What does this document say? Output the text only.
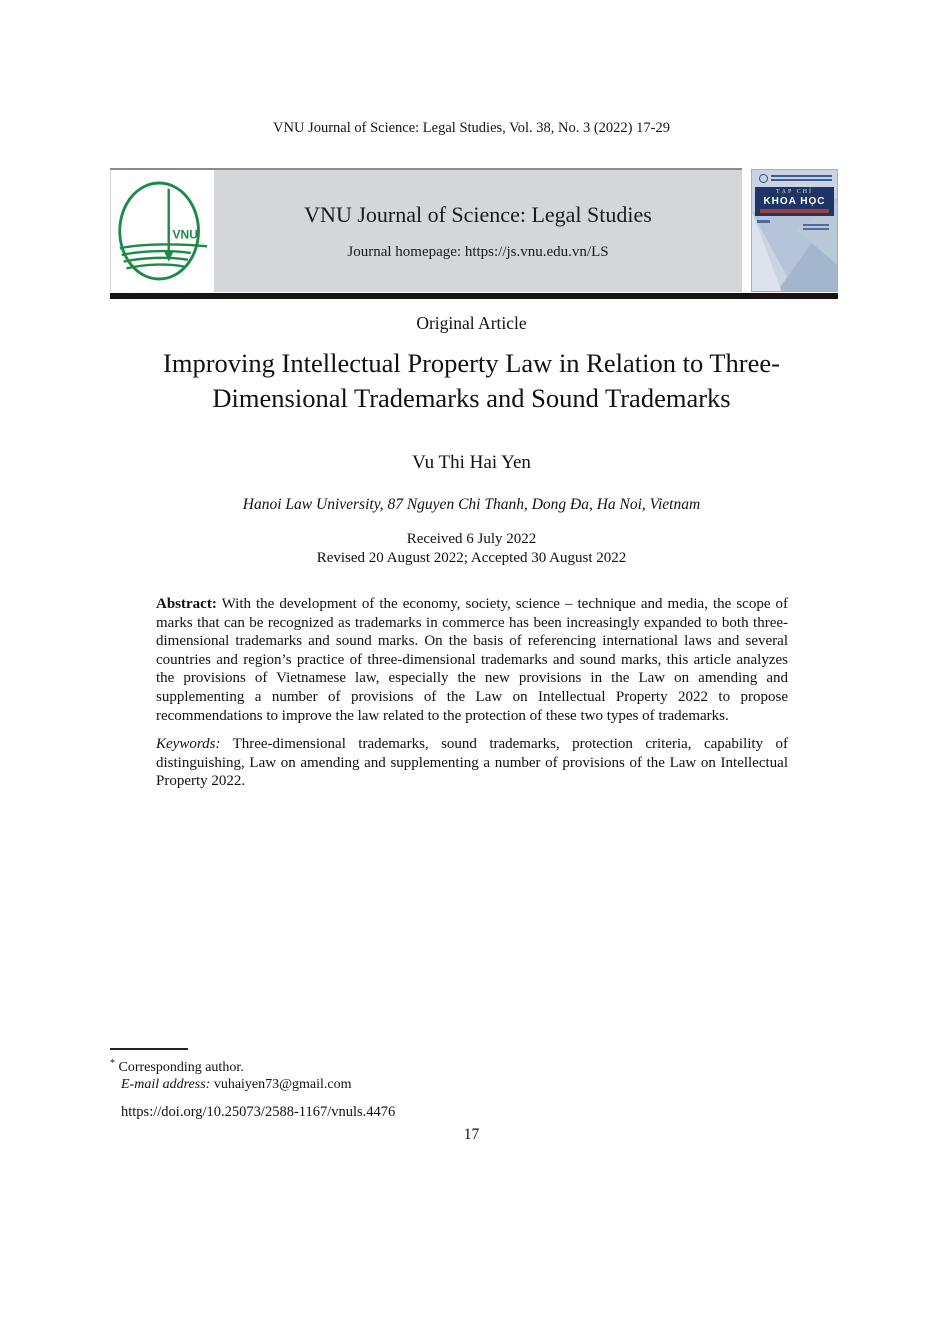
VNU Journal of Science: Legal Studies, Vol. 38, No. 3 (2022) 17-29
VNU
VNU Journal of Science: Legal Studies
Journal homepage: https://js.vnu.edu.vn/LS
TẠP CHÍ
KHOA HỌC
Original Article
Improving Intellectual Property Law in Relation to Three-
Dimensional Trademarks and Sound Trademarks
Vu Thi Hai Yen
Hanoi Law University, 87 Nguyen Chi Thanh, Dong Đa, Ha Noi, Vietnam
Received 6 July 2022
Revised 20 August 2022; Accepted 30 August 2022

Abstract: With the development of the economy, society, science – technique and media, the scope of marks that can be recognized as trademarks in commerce has been increasingly expanded to both three-dimensional trademarks and sound marks. On the basis of referencing international laws and several countries and region’s practice of three-dimensional trademarks and sound marks, this article analyzes the provisions of Vietnamese law, especially the new provisions in the Law on amending and supplementing a number of provisions of the Law on Intellectual Property 2022 to propose recommendations to improve the law related to the protection of these two types of trademarks.

Keywords: Three-dimensional trademarks, sound trademarks, protection criteria, capability of distinguishing, Law on amending and supplementing a number of provisions of the Law on Intellectual Property 2022.

* Corresponding author.
E-mail address: vuhaiyen73@gmail.com
https://doi.org/10.25073/2588-1167/vnuls.4476
17
